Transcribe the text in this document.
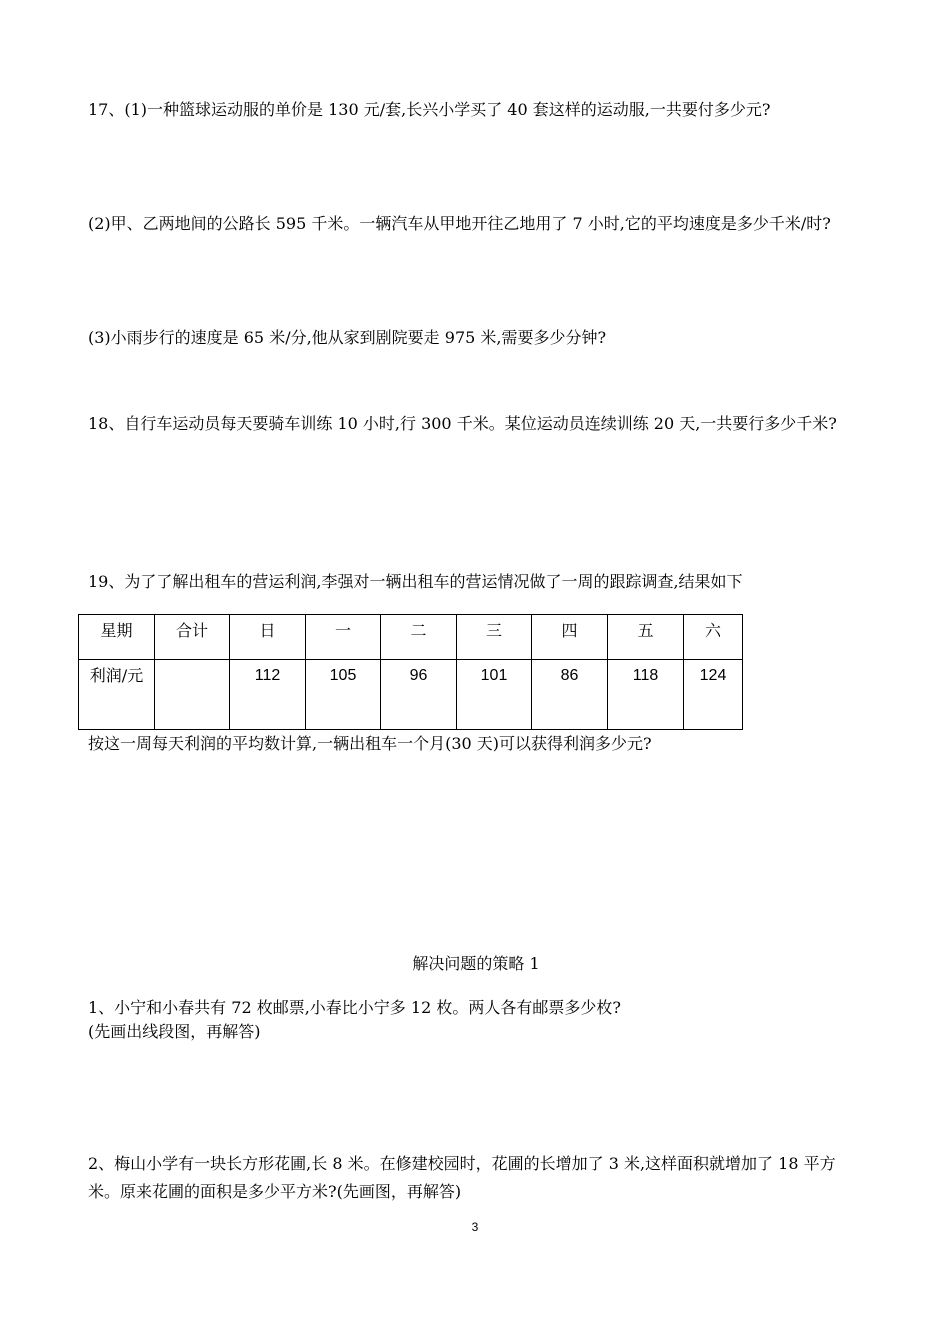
17、(1)一种篮球运动服的单价是 130 元/套,长兴小学买了 40 套这样的运动服,一共要付多少元?

(2)甲、乙两地间的公路长 595 千米。一辆汽车从甲地开往乙地用了 7 小时,它的平均速度是多少千米/时?

(3)小雨步行的速度是 65 米/分,他从家到剧院要走 975 米,需要多少分钟?

18、自行车运动员每天要骑车训练 10 小时,行 300 千米。某位运动员连续训练 20 天,一共要行多少千米?

19、为了了解出租车的营运利润,李强对一辆出租车的营运情况做了一周的跟踪调查,结果如下

星期	合计	日	一	二	三	四	五	六
利润/元		112	105	96	101	86	118	124

按这一周每天利润的平均数计算,一辆出租车一个月(30 天)可以获得利润多少元?

解决问题的策略 1

1、小宁和小春共有 72 枚邮票,小春比小宁多 12 枚。两人各有邮票多少枚?

(先画出线段图，再解答)

2、梅山小学有一块长方形花圃,长 8 米。在修建校园时，花圃的长增加了 3 米,这样面积就增加了 18 平方米。原来花圃的面积是多少平方米?(先画图，再解答)

3
